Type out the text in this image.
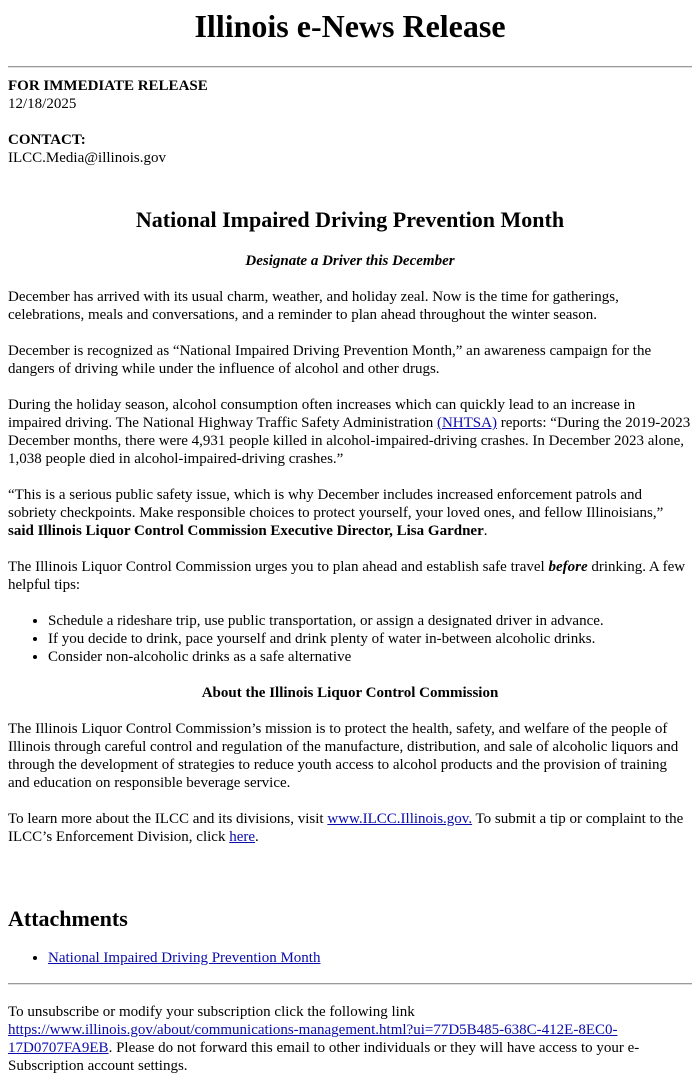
Illinois e-News Release
FOR IMMEDIATE RELEASE
12/18/2025
CONTACT:
ILCC.Media@illinois.gov
National Impaired Driving Prevention Month
Designate a Driver this December

December has arrived with its usual charm, weather, and holiday zeal. Now is the time for gatherings, celebrations, meals and conversations, and a reminder to plan ahead throughout the winter season.

December is recognized as “National Impaired Driving Prevention Month,” an awareness campaign for the dangers of driving while under the influence of alcohol and other drugs.

During the holiday season, alcohol consumption often increases which can quickly lead to an increase in impaired driving. The National Highway Traffic Safety Administration (NHTSA) reports: “During the 2019-2023 December months, there were 4,931 people killed in alcohol-impaired-driving crashes. In December 2023 alone, 1,038 people died in alcohol-impaired-driving crashes.”

“This is a serious public safety issue, which is why December includes increased enforcement patrols and sobriety checkpoints. Make responsible choices to protect yourself, your loved ones, and fellow Illinoisians,” said Illinois Liquor Control Commission Executive Director, Lisa Gardner.

The Illinois Liquor Control Commission urges you to plan ahead and establish safe travel before drinking. A few helpful tips:

• Schedule a rideshare trip, use public transportation, or assign a designated driver in advance.
• If you decide to drink, pace yourself and drink plenty of water in-between alcoholic drinks.
• Consider non-alcoholic drinks as a safe alternative
About the Illinois Liquor Control Commission

The Illinois Liquor Control Commission’s mission is to protect the health, safety, and welfare of the people of Illinois through careful control and regulation of the manufacture, distribution, and sale of alcoholic liquors and through the development of strategies to reduce youth access to alcohol products and the provision of training and education on responsible beverage service.

To learn more about the ILCC and its divisions, visit www.ILCC.Illinois.gov. To submit a tip or complaint to the ILCC’s Enforcement Division, click here.

Attachments
• National Impaired Driving Prevention Month
To unsubscribe or modify your subscription click the following link https://www.illinois.gov/about/communications-management.html?ui=77D5B485-638C-412E-8EC0-17D0707FA9EB. Please do not forward this email to other individuals or they will have access to your e-Subscription account settings.
